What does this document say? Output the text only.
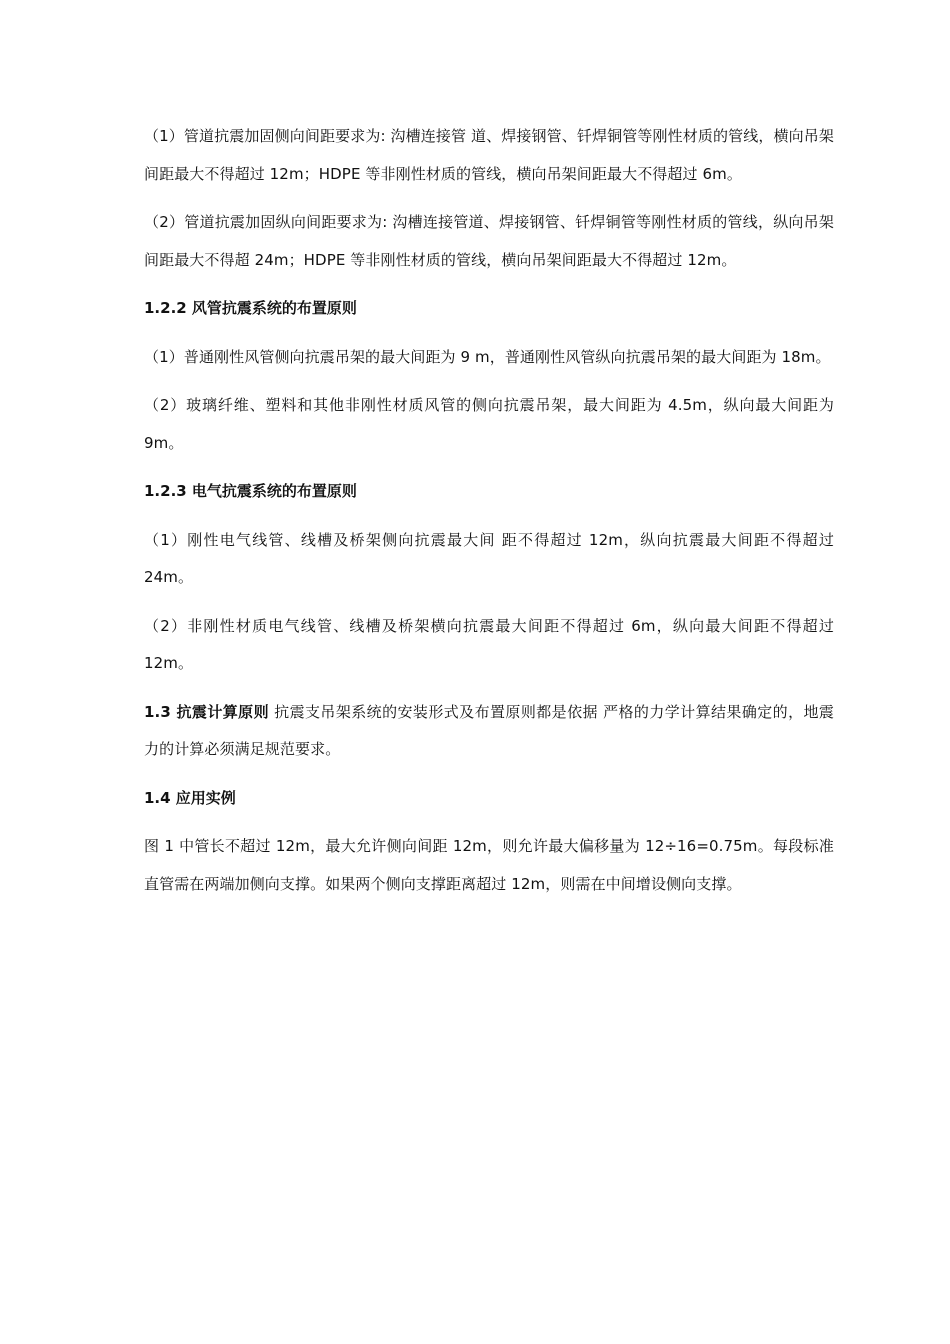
（1）管道抗震加固侧向间距要求为: 沟槽连接管 道、焊接钢管、钎焊铜管等刚性材质的管线，横向吊架间距最大不得超过 12m；HDPE 等非刚性材质的管线，横向吊架间距最大不得超过 6m。

（2）管道抗震加固纵向间距要求为: 沟槽连接管道、焊接钢管、钎焊铜管等刚性材质的管线，纵向吊架间距最大不得超 24m；HDPE 等非刚性材质的管线，横向吊架间距最大不得超过 12m。

1.2.2 风管抗震系统的布置原则

（1）普通刚性风管侧向抗震吊架的最大间距为 9 m，普通刚性风管纵向抗震吊架的最大间距为 18m。

（2）玻璃纤维、塑料和其他非刚性材质风管的侧向抗震吊架，最大间距为 4.5m，纵向最大间距为 9m。

1.2.3 电气抗震系统的布置原则

（1）刚性电气线管、线槽及桥架侧向抗震最大间 距不得超过 12m，纵向抗震最大间距不得超过 24m。

（2）非刚性材质电气线管、线槽及桥架横向抗震最大间距不得超过 6m，纵向最大间距不得超过 12m。

1.3 抗震计算原则 抗震支吊架系统的安装形式及布置原则都是依据 严格的力学计算结果确定的，地震力的计算必须满足规范要求。

1.4 应用实例

图 1 中管长不超过 12m，最大允许侧向间距 12m，则允许最大偏移量为 12÷16=0.75m。每段标准直管需在两端加侧向支撑。如果两个侧向支撑距离超过 12m，则需在中间增设侧向支撑。
